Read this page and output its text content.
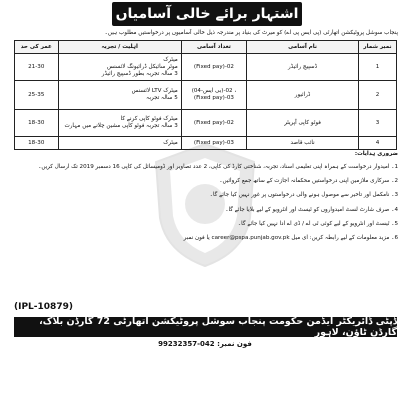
اشتہار برائے خالی آسامیاں
پنجاب سوشل پروٹیکشن اتھارٹی (پی ایس پی اے) کو میرٹ کی بنیاد پر مندرجہ ذیل خالی آسامیوں پر درخواستیں مطلوب ہیں۔
نمبر شمار	نام آسامی	تعداد آسامی	اہلیت / تجربہ	عمر کی حد
1	ڈسپیچ رائیڈر	(Fixed pay)-02	میٹرک
موٹر سائیکل ڈرائیونگ لائسنس
3 سالہ تجربہ بطور ڈسپیچ رائیڈر	21-30
2	ڈرائیور	(بی ایس-04)-02 ، (Fixed pay)-03	میٹرک LTV لائسنس
5 سالہ تجربہ	25-35
3	فوٹو کاپی آپریٹر	(Fixed pay)-02	میٹرک فوٹو کاپی کرنے کا
3 سالہ تجربہ فوٹو کاپی مشین چلانے میں مہارت	18-30
4	نائب قاصد	(Fixed pay)-03	میٹرک	18-30
ضروری ہدایات:
1۔ امیدوار درخواست کے ہمراہ اپنی تعلیمی اسناد، تجربہ، شناختی کارڈ کی کاپی، 2 عدد تصاویر اور ڈومیسائل کی کاپی 16 دسمبر 2019 تک ارسال کریں۔
2۔ سرکاری ملازمین اپنی درخواستیں محکمانہ اجازت کے ساتھ جمع کروائیں۔
3۔ نامکمل اور تاخیر سے موصول ہونے والی درخواستوں پر غور نہیں کیا جائے گا۔
4۔ صرف شارٹ لسٹ امیدواروں کو ٹیسٹ اور انٹرویو کے لیے بلایا جائے گا۔
5۔ ٹیسٹ اور انٹرویو کے لیے کوئی ٹی اے / ڈی اے ادا نہیں کیا جائے گا۔
6۔ مزید معلومات کے لیے رابطہ کریں: ای میل career@pspa.punjab.gov.pk یا فون نمبر
(IPL-10879)
ڈپٹی ڈائریکٹر ایڈمن حکومت پنجاب سوشل پروٹیکشن اتھارٹی 72 گارڈن بلاک، گارڈن ٹاؤن، لاہور
فون نمبر: 042-99232357
